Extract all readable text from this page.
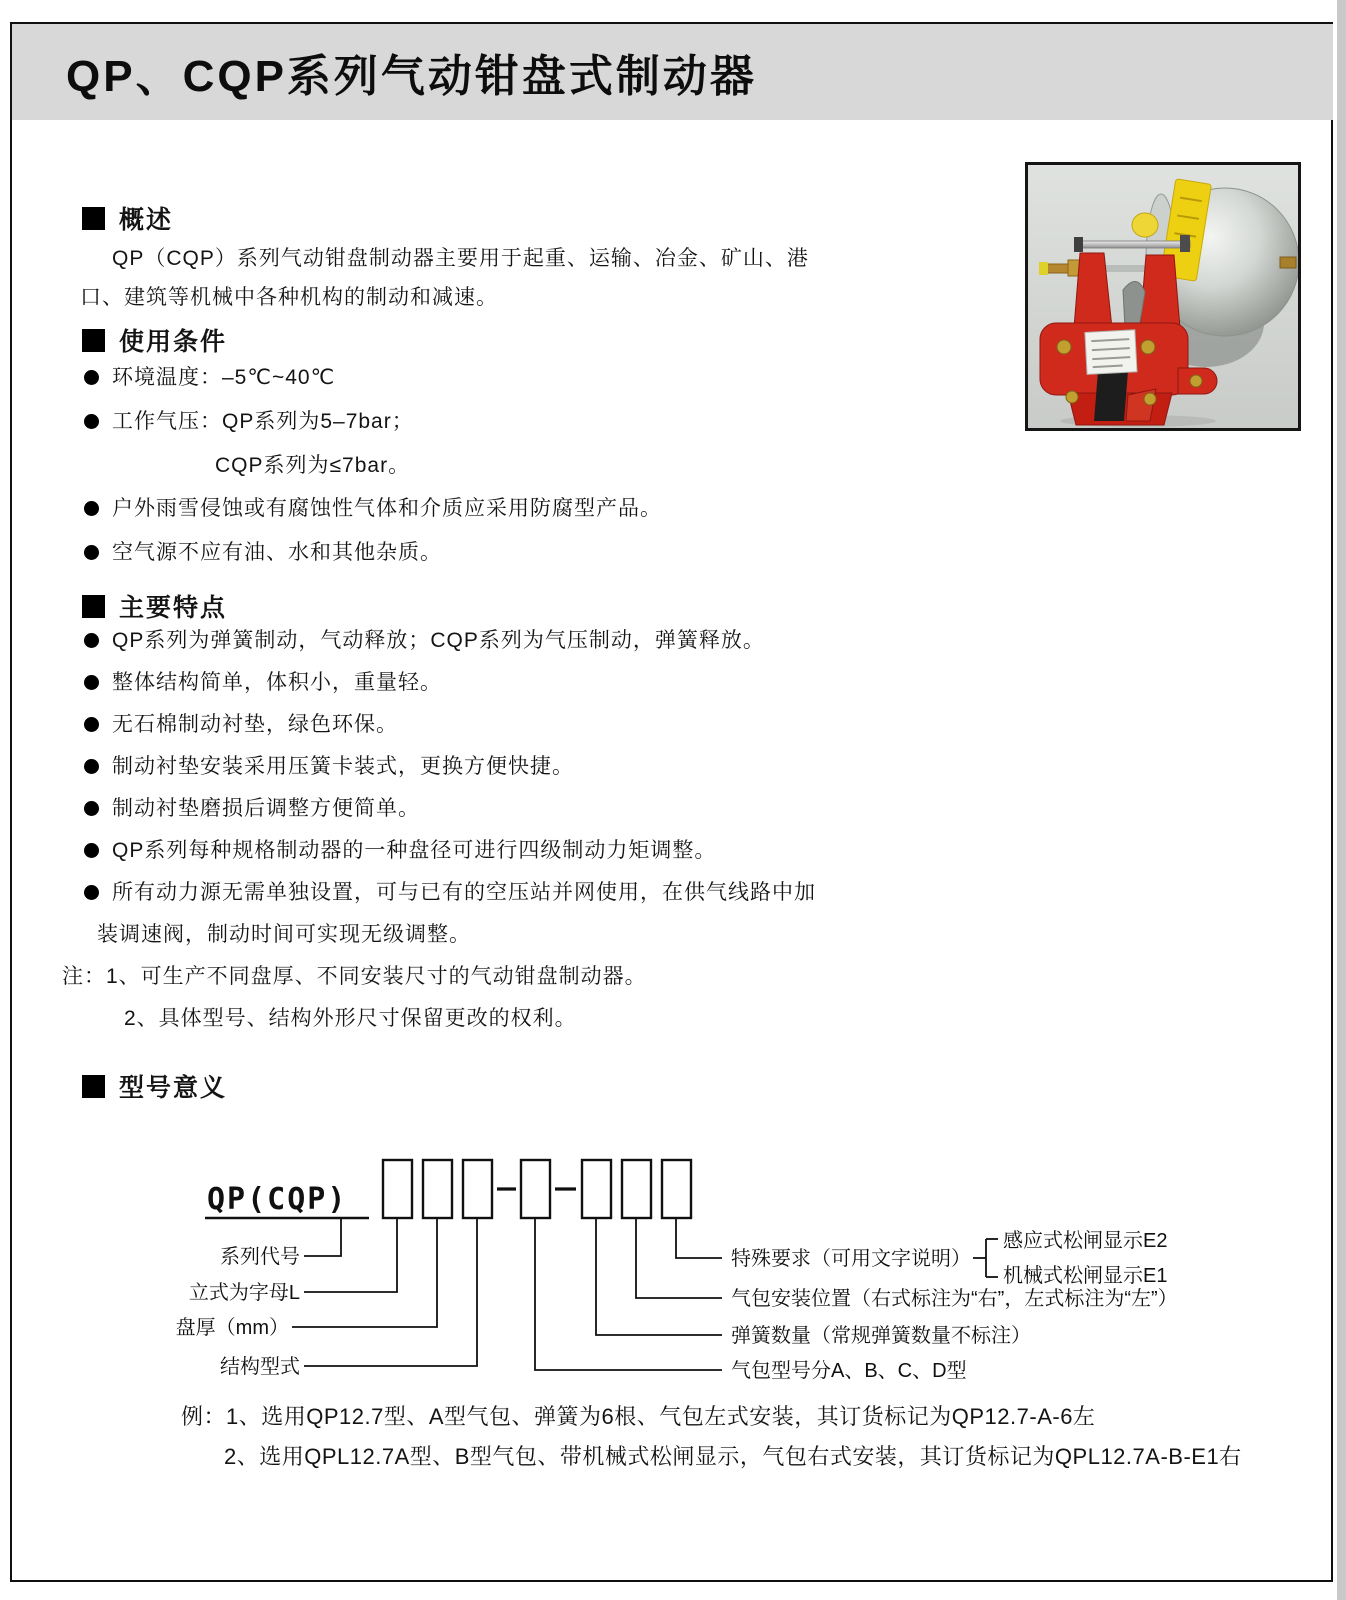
QP、CQP系列气动钳盘式制动器
概述
QP（CQP）系列气动钳盘制动器主要用于起重、运输、冶金、矿山、港
口、建筑等机械中各种机构的制动和减速。
使用条件
环境温度：–5℃~40℃
工作气压：QP系列为5–7bar；
CQP系列为≤7bar。
户外雨雪侵蚀或有腐蚀性气体和介质应采用防腐型产品。
空气源不应有油、水和其他杂质。
主要特点
QP系列为弹簧制动，气动释放；CQP系列为气压制动，弹簧释放。
整体结构简单，体积小，重量轻。
无石棉制动衬垫，绿色环保。
制动衬垫安装采用压簧卡装式，更换方便快捷。
制动衬垫磨损后调整方便简单。
QP系列每种规格制动器的一种盘径可进行四级制动力矩调整。
所有动力源无需单独设置，可与已有的空压站并网使用，在供气线路中加
装调速阀，制动时间可实现无级调整。
注：1、可生产不同盘厚、不同安装尺寸的气动钳盘制动器。
2、具体型号、结构外形尺寸保留更改的权利。
型号意义
QP(CQP)
系列代号
立式为字母L
盘厚（mm）
结构型式
特殊要求（可用文字说明）
气包安装位置（右式标注为“右”，左式标注为“左”）
弹簧数量（常规弹簧数量不标注）
气包型号分A、B、C、D型
感应式松闸显示E2
机械式松闸显示E1
例：1、选用QP12.7型、A型气包、弹簧为6根、气包左式安装，其订货标记为QP12.7-A-6左
2、选用QPL12.7A型、B型气包、带机械式松闸显示，气包右式安装，其订货标记为QPL12.7A-B-E1右
